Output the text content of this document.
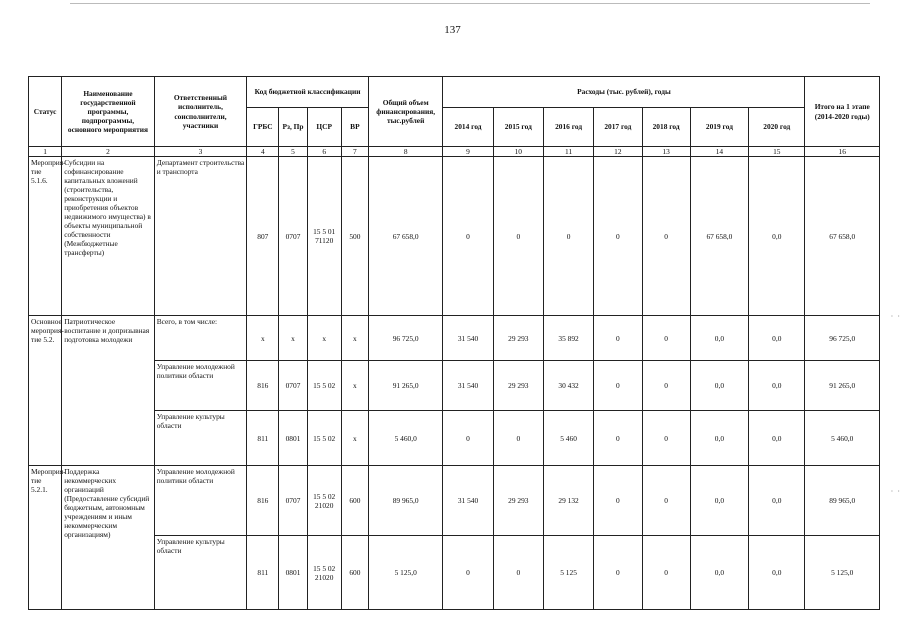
137
· ·
· ·
Статус	Наименование государственной программы, подпрограммы, основного мероприятия	Ответственный исполнитель, соисполнители, участники	Код бюджетной классификации				Общий объем финансирования, тыс.рублей	Расходы (тыс. рублей), годы							Итого на 1 этапе (2014-2020 годы)
			ГРБС	Рз, Пр	ЦСР	ВР		2014 год	2015 год	2016 год	2017 год	2018 год	2019 год	2020 год	
1	2	3	4	5	6	7	8	9	10	11	12	13	14	15	16
Мероприя-тие 5.1.6.	Субсидии на софинансирование капитальных вложений (строительства, реконструкции и приобретения объектов недвижимого имущества) в объекты муниципальной собственности (Межбюджетные трансферты)	Департамент строительства и транспорта	807	0707	15 5 01 71120	500	67 658,0	0	0	0	0	0	67 658,0	0,0	67 658,0
Основное мероприя-тие 5.2.	Патриотическое воспитание и допризывная подготовка молодежи	Всего, в том числе:	х	х	х	х	96 725,0	31 540	29 293	35 892	0	0	0,0	0,0	96 725,0
		Управление молодежной политики области	816	0707	15 5 02	х	91 265,0	31 540	29 293	30 432	0	0	0,0	0,0	91 265,0
		Управление культуры области	811	0801	15 5 02	х	5 460,0	0	0	5 460	0	0	0,0	0,0	5 460,0
Мероприя-тие 5.2.1.	Поддержка некоммерческих организаций (Предоставление субсидий бюджетным, автономным учреждениям и иным некоммерческим организациям)	Управление молодежной политики области	816	0707	15 5 02 21020	600	89 965,0	31 540	29 293	29 132	0	0	0,0	0,0	89 965,0
		Управление культуры области	811	0801	15 5 02 21020	600	5 125,0	0	0	5 125	0	0	0,0	0,0	5 125,0
